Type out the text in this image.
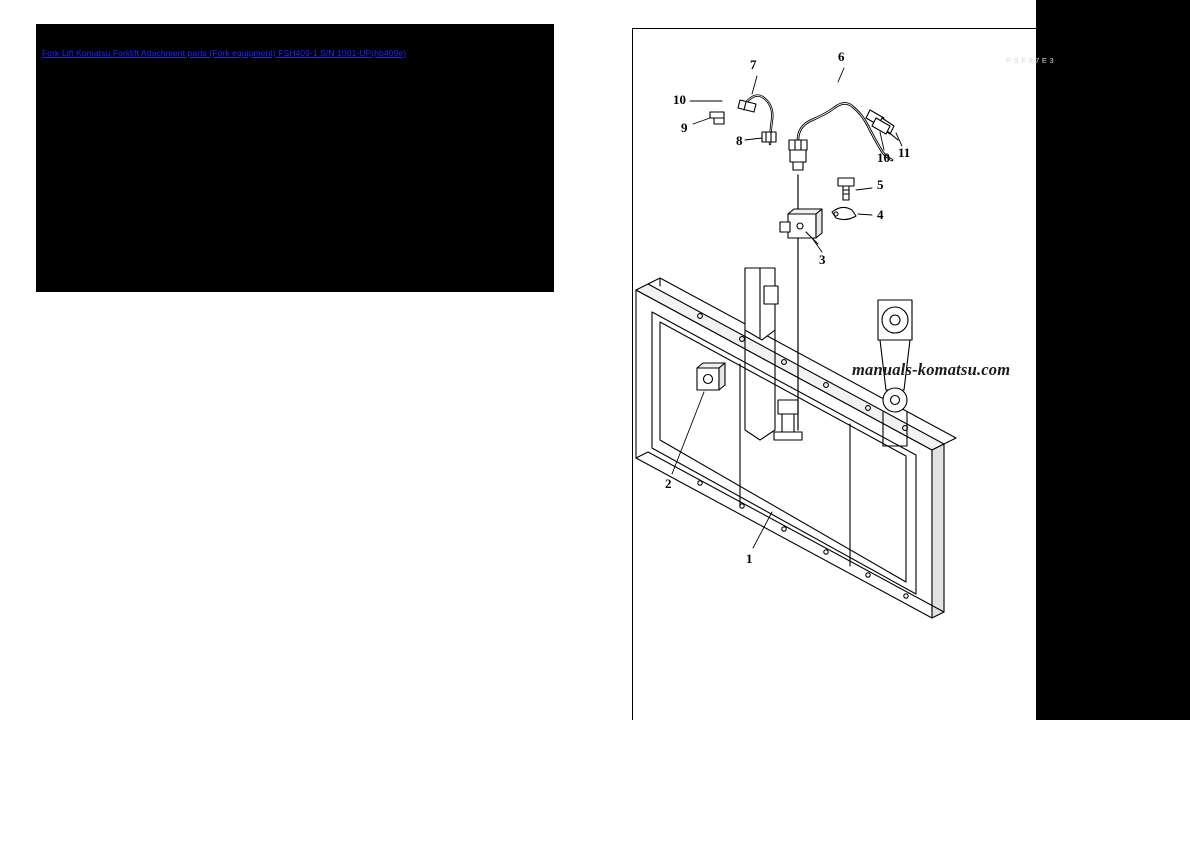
Fork Lift Komatsu Forklift Attachment parts (Fork equipment) FSH409-1 S/N 1001-UP(hb409e)
PSF97E3
10
9
7
8
6
10 11
5
4
3
2
1
manuals-komatsu.com
